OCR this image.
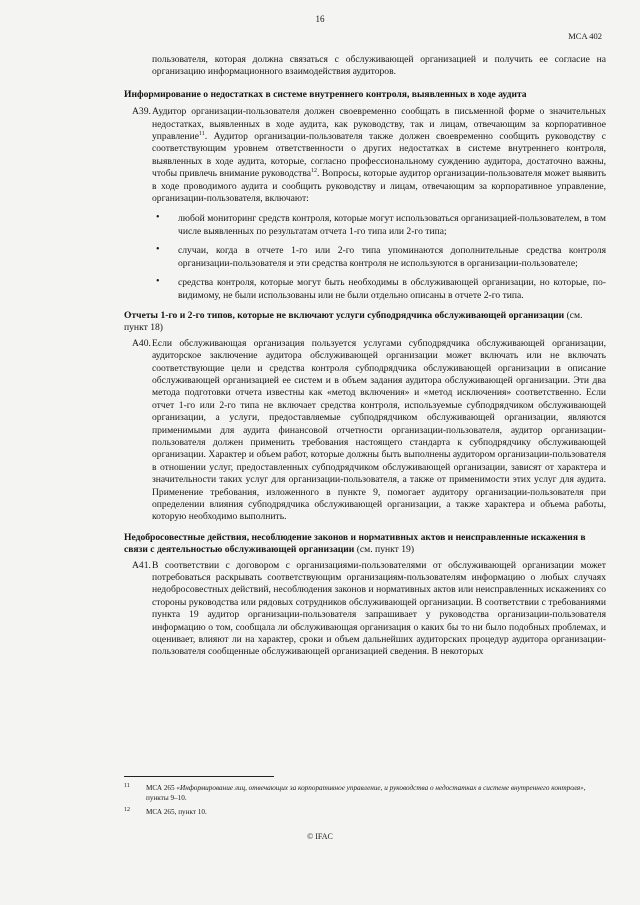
16
MCA 402

пользователя, которая должна связаться с обслуживающей организацией и получить ее согласие на организацию информационного взаимодействия аудиторов.

Информирование о недостатках в системе внутреннего контроля, выявленных в ходе аудита

A39. Аудитор организации-пользователя должен своевременно сообщать в письменной форме о значительных недостатках, выявленных в ходе аудита, как руководству, так и лицам, отвечающим за корпоративное управление$^{11}$. Аудитор организации-пользователя также должен своевременно сообщить руководству с соответствующим уровнем ответственности о других недостатках в системе внутреннего контроля, выявленных в ходе аудита, которые, согласно профессиональному суждению аудитора, достаточно важны, чтобы привлечь внимание руководства$^{12}$. Вопросы, которые аудитор организации-пользователя может выявить в ходе проводимого аудита и сообщить руководству и лицам, отвечающим за корпоративное управление, организации-пользователя, включают:

• любой мониторинг средств контроля, которые могут использоваться организацией-пользователем, в том числе выявленных по результатам отчета 1-го типа или 2-го типа;

• случаи, когда в отчете 1-го или 2-го типа упоминаются дополнительные средства контроля организации-пользователя и эти средства контроля не используются в организации-пользователе;

• средства контроля, которые могут быть необходимы в обслуживающей организации, но которые, по-видимому, не были использованы или не были отдельно описаны в отчете 2-го типа.

Отчеты 1-го и 2-го типов, которые не включают услуги субподрядчика обслуживающей организации (см. пункт 18)

A40. Если обслуживающая организация пользуется услугами субподрядчика обслуживающей организации, аудиторское заключение аудитора обслуживающей организации может включать или не включать соответствующие цели и средства контроля субподрядчика обслуживающей организации в описание обслуживающей организацией ее систем и в объем задания аудитора обслуживающей организации. Эти два метода подготовки отчета известны как «метод включения» и «метод исключения» соответственно. Если отчет 1-го или 2-го типа не включает средства контроля, используемые субподрядчиком обслуживающей организации, а услуги, предоставляемые субподрядчиком обслуживающей организации, являются применимыми для аудита финансовой отчетности организации-пользователя, аудитор организации-пользователя должен применить требования настоящего стандарта к субподрядчику обслуживающей организации. Характер и объем работ, которые должны быть выполнены аудитором организации-пользователя в отношении услуг, предоставленных субподрядчиком обслуживающей организации, зависят от характера и значительности таких услуг для организации-пользователя, а также от применимости этих услуг для аудита. Применение требования, изложенного в пункте 9, помогает аудитору организации-пользователя при определении влияния субподрядчика обслуживающей организации, а также характера и объема работы, которую необходимо выполнить.

Недобросовестные действия, несоблюдение законов и нормативных актов и неисправленные искажения в связи с деятельностью обслуживающей организации (см. пункт 19)

A41. В соответствии с договором с организациями-пользователями от обслуживающей организации может потребоваться раскрывать соответствующим организациям-пользователям информацию о любых случаях недобросовестных действий, несоблюдения законов и нормативных актов или неисправленных искажениях со стороны руководства или рядовых сотрудников обслуживающей организации. В соответствии с требованиями пункта 19 аудитор организации-пользователя запрашивает у руководства организации-пользователя информацию о том, сообщала ли обслуживающая организация о каких бы то ни было подобных проблемах, и оценивает, влияют ли на характер, сроки и объем дальнейших аудиторских процедур аудитора организации-пользователя сообщенные обслуживающей организацией сведения. В некоторых

11 МСА 265 «Информирование лиц, отвечающих за корпоративное управление, и руководства о недостатках в системе внутреннего контроля», пункты 9–10.
12 МСА 265, пункт 10.
© IFAC
